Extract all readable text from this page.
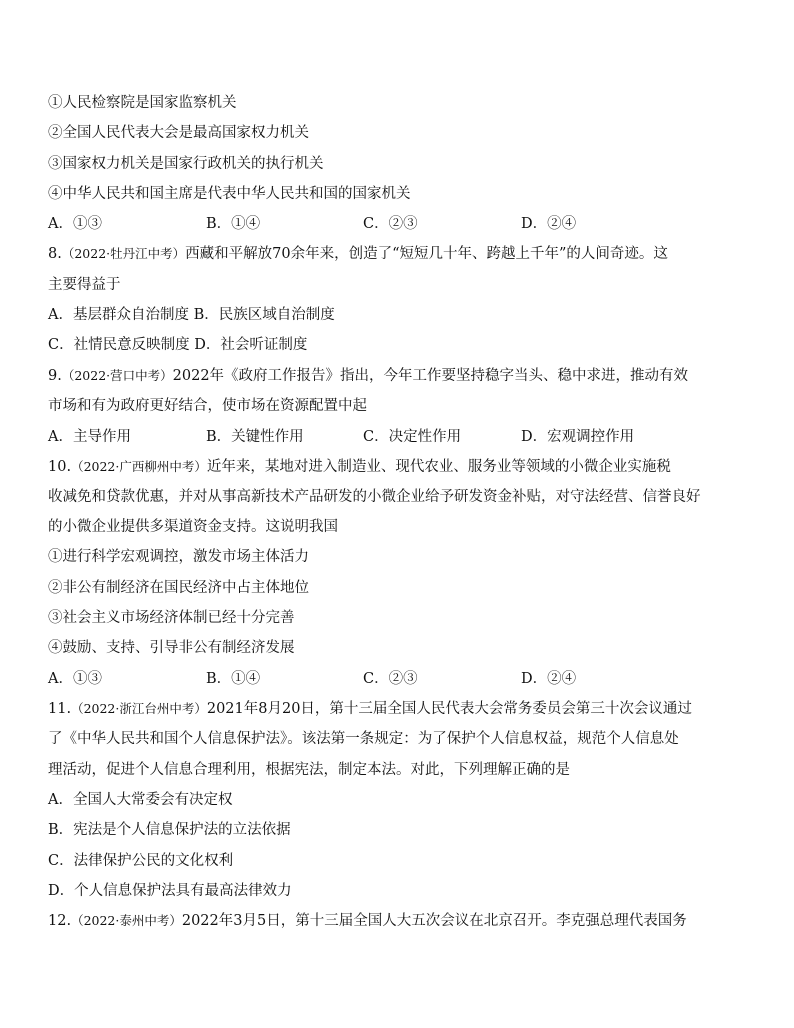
①人民检察院是国家监察机关
②全国人民代表大会是最高国家权力机关
③国家权力机关是国家行政机关的执行机关
④中华人民共和国主席是代表中华人民共和国的国家机关
A．①③	B．①④	C．②③	D．②④
8.（2022·牡丹江中考）西藏和平解放70余年来，创造了“短短几十年、跨越上千年”的人间奇迹。这
主要得益于
A．基层群众自治制度 B．民族区域自治制度
C．社情民意反映制度 D．社会听证制度
9.（2022·营口中考）2022年《政府工作报告》指出，今年工作要坚持稳字当头、稳中求进，推动有效
市场和有为政府更好结合，使市场在资源配置中起
A．主导作用	B．关键性作用	C．决定性作用	D．宏观调控作用
10.（2022·广西柳州中考）近年来，某地对进入制造业、现代农业、服务业等领域的小微企业实施税
收减免和贷款优惠，并对从事高新技术产品研发的小微企业给予研发资金补贴，对守法经营、信誉良好
的小微企业提供多渠道资金支持。这说明我国
①进行科学宏观调控，激发市场主体活力
②非公有制经济在国民经济中占主体地位
③社会主义市场经济体制已经十分完善
④鼓励、支持、引导非公有制经济发展
A．①③	B．①④	C．②③	D．②④
11.（2022·浙江台州中考）2021年8月20日，第十三届全国人民代表大会常务委员会第三十次会议通过
了《中华人民共和国个人信息保护法》。该法第一条规定：为了保护个人信息权益，规范个人信息处
理活动，促进个人信息合理利用，根据宪法，制定本法。对此，下列理解正确的是
A．全国人大常委会有决定权
B．宪法是个人信息保护法的立法依据
C．法律保护公民的文化权利
D．个人信息保护法具有最高法律效力
12.（2022·泰州中考）2022年3月5日，第十三届全国人大五次会议在北京召开。李克强总理代表国务
